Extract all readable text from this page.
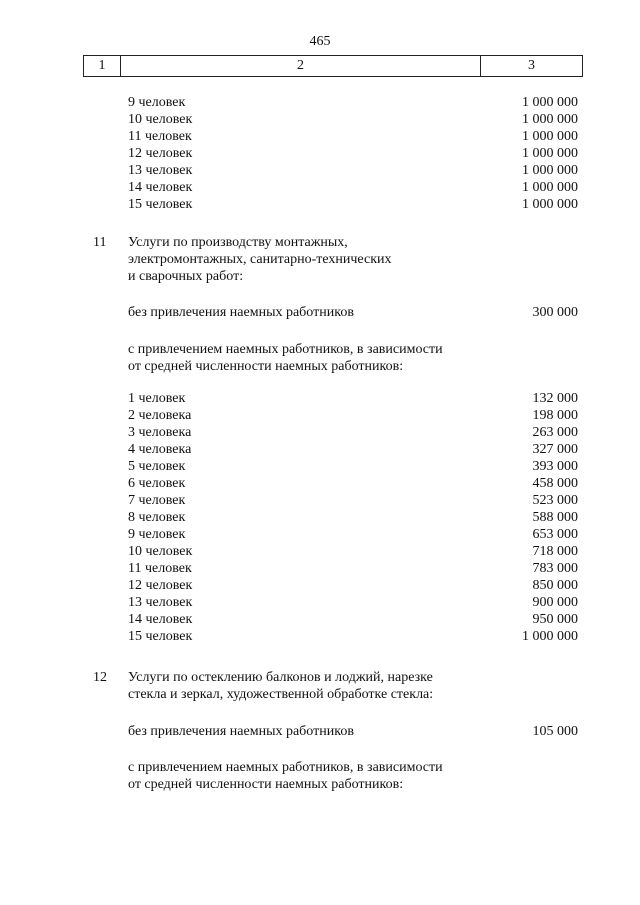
465
1	2	3
9 человек	1 000 000
10 человек	1 000 000
11 человек	1 000 000
12 человек	1 000 000
13 человек	1 000 000
14 человек	1 000 000
15 человек	1 000 000
11 Услуги по производству монтажных,
электромонтажных, санитарно-технических
и сварочных работ:
без привлечения наемных работников	300 000
с привлечением наемных работников, в зависимости
от средней численности наемных работников:
1 человек	132 000
2 человека	198 000
3 человека	263 000
4 человека	327 000
5 человек	393 000
6 человек	458 000
7 человек	523 000
8 человек	588 000
9 человек	653 000
10 человек	718 000
11 человек	783 000
12 человек	850 000
13 человек	900 000
14 человек	950 000
15 человек	1 000 000
12 Услуги по остеклению балконов и лоджий, нарезке
стекла и зеркал, художественной обработке стекла:
без привлечения наемных работников	105 000
с привлечением наемных работников, в зависимости
от средней численности наемных работников:
